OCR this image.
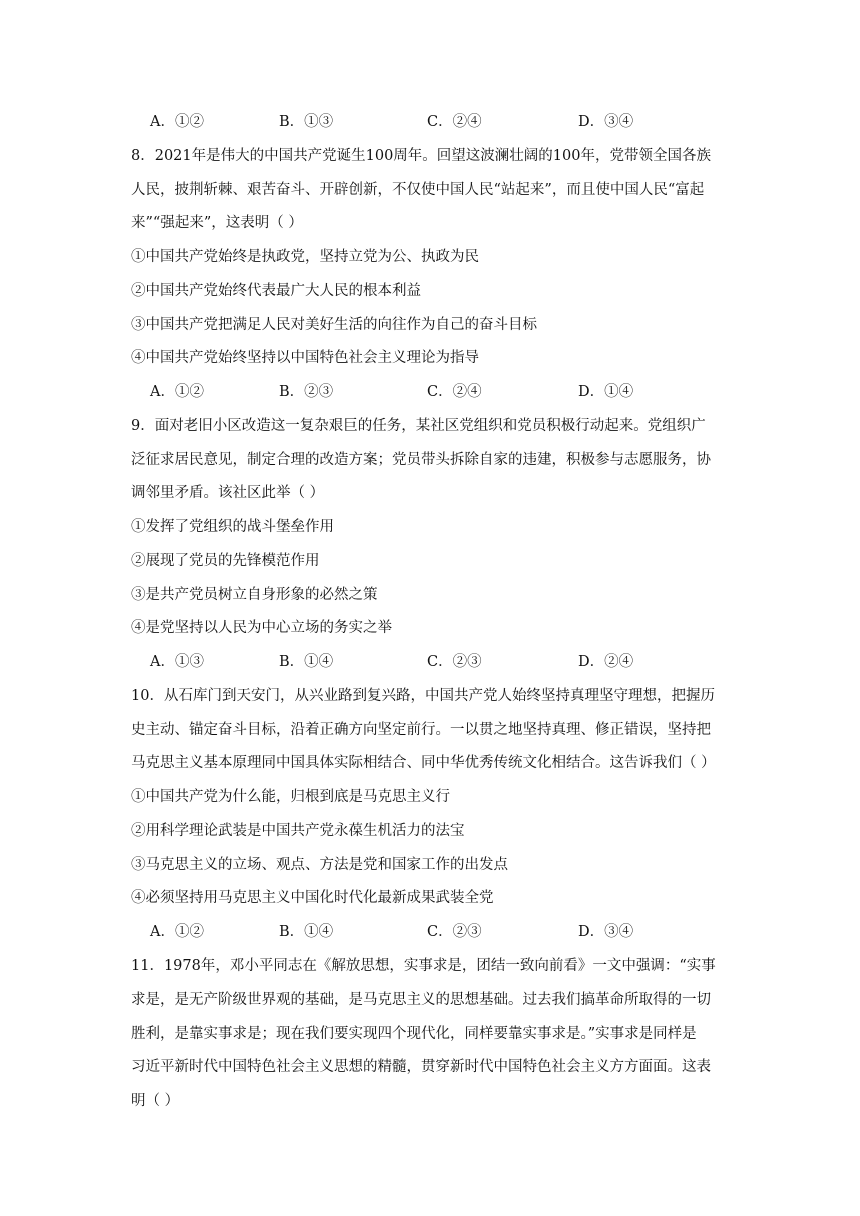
A．①②	B．①③	C．②④	D．③④
8．2021年是伟大的中国共产党诞生100周年。回望这波澜壮阔的100年，党带领全国各族
人民，披荆斩棘、艰苦奋斗、开辟创新，不仅使中国人民“站起来”，而且使中国人民“富起
来”“强起来”，这表明（ ）
①中国共产党始终是执政党，坚持立党为公、执政为民
②中国共产党始终代表最广大人民的根本利益
③中国共产党把满足人民对美好生活的向往作为自己的奋斗目标
④中国共产党始终坚持以中国特色社会主义理论为指导
A．①②	B．②③	C．②④	D．①④
9．面对老旧小区改造这一复杂艰巨的任务，某社区党组织和党员积极行动起来。党组织广
泛征求居民意见，制定合理的改造方案；党员带头拆除自家的违建，积极参与志愿服务，协
调邻里矛盾。该社区此举（ ）
①发挥了党组织的战斗堡垒作用
②展现了党员的先锋模范作用
③是共产党员树立自身形象的必然之策
④是党坚持以人民为中心立场的务实之举
A．①③	B．①④	C．②③	D．②④
10．从石库门到天安门，从兴业路到复兴路，中国共产党人始终坚持真理坚守理想，把握历
史主动、锚定奋斗目标，沿着正确方向坚定前行。一以贯之地坚持真理、修正错误，坚持把
马克思主义基本原理同中国具体实际相结合、同中华优秀传统文化相结合。这告诉我们（ ）
①中国共产党为什么能，归根到底是马克思主义行
②用科学理论武装是中国共产党永葆生机活力的法宝
③马克思主义的立场、观点、方法是党和国家工作的出发点
④必须坚持用马克思主义中国化时代化最新成果武装全党
A．①②	B．①④	C．②③	D．③④
11．1978年，邓小平同志在《解放思想，实事求是，团结一致向前看》一文中强调：“实事
求是，是无产阶级世界观的基础，是马克思主义的思想基础。过去我们搞革命所取得的一切
胜利，是靠实事求是；现在我们要实现四个现代化，同样要靠实事求是。”实事求是同样是
习近平新时代中国特色社会主义思想的精髓，贯穿新时代中国特色社会主义方方面面。这表
明（ ）
